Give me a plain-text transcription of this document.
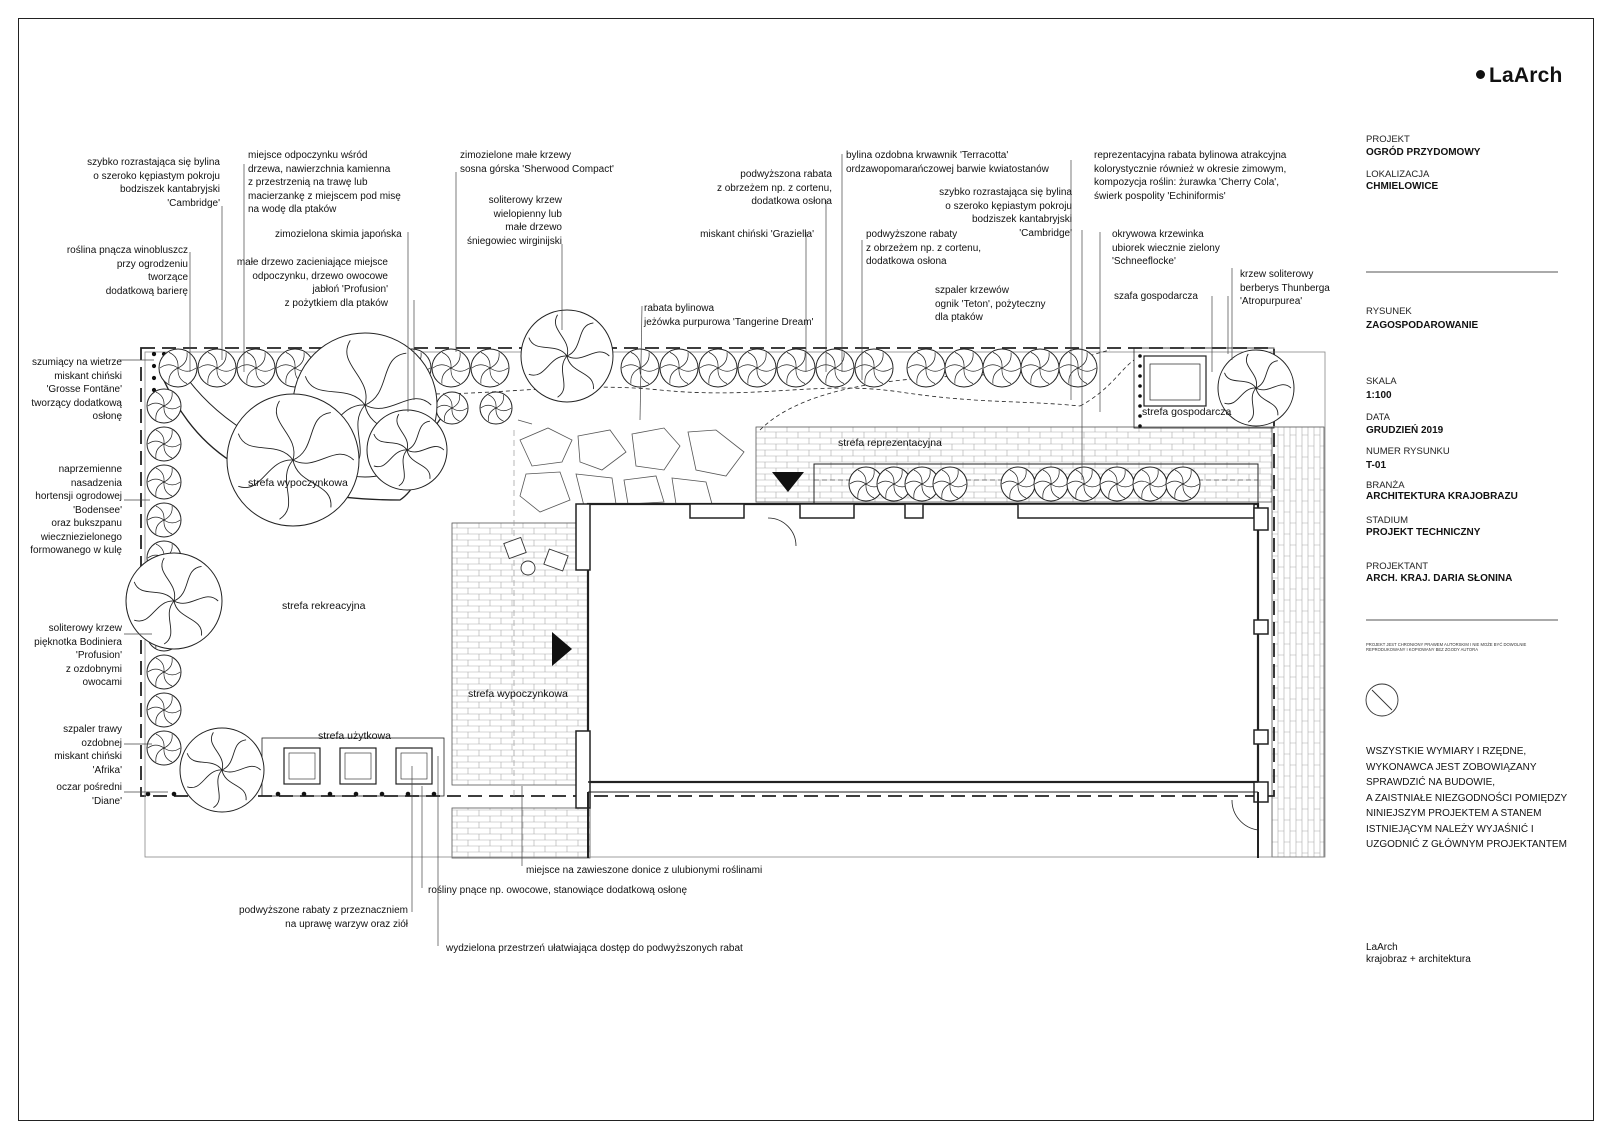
strefa wypoczynkowa
strefa rekreacyjna
strefa wypoczynkowa
strefa użytkowa
strefa reprezentacyjna
strefa gospodarcza
szybko rozrastająca się bylina
o szeroko kępiastym pokroju
bodziszek kantabryjski
'Cambridge'
miejsce odpoczynku wśród
drzewa, nawierzchnia kamienna
z przestrzenią na trawę lub
macierzankę z miejscem pod misę
na wodę dla ptaków
zimozielone małe krzewy
sosna górska 'Sherwood Compact'
soliterowy krzew
wielopienny lub
małe drzewo
śniegowiec wirginijski
zimozielona skimia japońska
małe drzewo zacieniające miejsce
odpoczynku, drzewo owocowe
jabłoń 'Profusion'
z pożytkiem dla ptaków
roślina pnącza winobluszcz
przy ogrodzeniu
tworzące
dodatkową barierę
szumiący na wietrze
miskant chiński
'Grosse Fontäne'
tworzący dodatkową
osłonę
naprzemienne
nasadzenia
hortensji ogrodowej
'Bodensee'
oraz bukszpanu
wieczniezielonego
formowanego w kulę
soliterowy krzew
pięknotka Bodiniera
'Profusion'
z ozdobnymi
owocami
szpaler trawy
ozdobnej
miskant chiński
'Afrika'
oczar pośredni
'Diane'
rabata bylinowa
jeżówka purpurowa 'Tangerine Dream'
podwyższona rabata
z obrzeżem np. z cortenu,
dodatkowa osłona
miskant chiński 'Graziella'
bylina ozdobna krwawnik 'Terracotta'
ordzawopomarańczowej barwie kwiatostanów
podwyższone rabaty
z obrzeżem np. z cortenu,
dodatkowa osłona
szybko rozrastająca się bylina
o szeroko kępiastym pokroju
bodziszek kantabryjski
'Cambridge'
szpaler krzewów
ognik 'Teton', pożyteczny
dla ptaków
reprezentacyjna rabata bylinowa atrakcyjna
kolorystycznie również w okresie zimowym,
kompozycja roślin: żurawka 'Cherry Cola',
świerk pospolity 'Echiniformis'
okrywowa krzewinka
ubiorek wiecznie zielony
'Schneeflocke'
szafa gospodarcza
krzew soliterowy
berberys Thunberga
'Atropurpurea'
miejsce na zawieszone donice z ulubionymi roślinami
rośliny pnące np. owocowe, stanowiące dodatkową osłonę
podwyższone rabaty z przeznaczniem
na uprawę warzyw oraz ziół
wydzielona przestrzeń ułatwiająca dostęp do podwyższonych rabat
LaArch
PROJEKT
OGRÓD PRZYDOMOWY
LOKALIZACJA
CHMIELOWICE
RYSUNEK
ZAGOSPODAROWANIE
SKALA
1:100
DATA
GRUDZIEŃ 2019
NUMER RYSUNKU
T-01
BRANŻA
ARCHITEKTURA KRAJOBRAZU
STADIUM
PROJEKT TECHNICZNY
PROJEKTANT
ARCH. KRAJ. DARIA SŁONINA
PROJEKT JEST CHRONIONY PRAWEM AUTORSKIM I NIE MOŻE BYĆ DOWOLNIE
REPRODUKOWANY I KOPIOWANY BEZ ZGODY AUTORA
WSZYSTKIE WYMIARY I RZĘDNE,
WYKONAWCA JEST ZOBOWIĄZANY
SPRAWDZIĆ NA BUDOWIE,
A ZAISTNIAŁE NIEZGODNOŚCI POMIĘDZY
NINIEJSZYM PROJEKTEM A STANEM
ISTNIEJĄCYM NALEŻY WYJAŚNIĆ I
UZGODNIĆ Z GŁÓWNYM PROJEKTANTEM
LaArch
krajobraz + architektura
